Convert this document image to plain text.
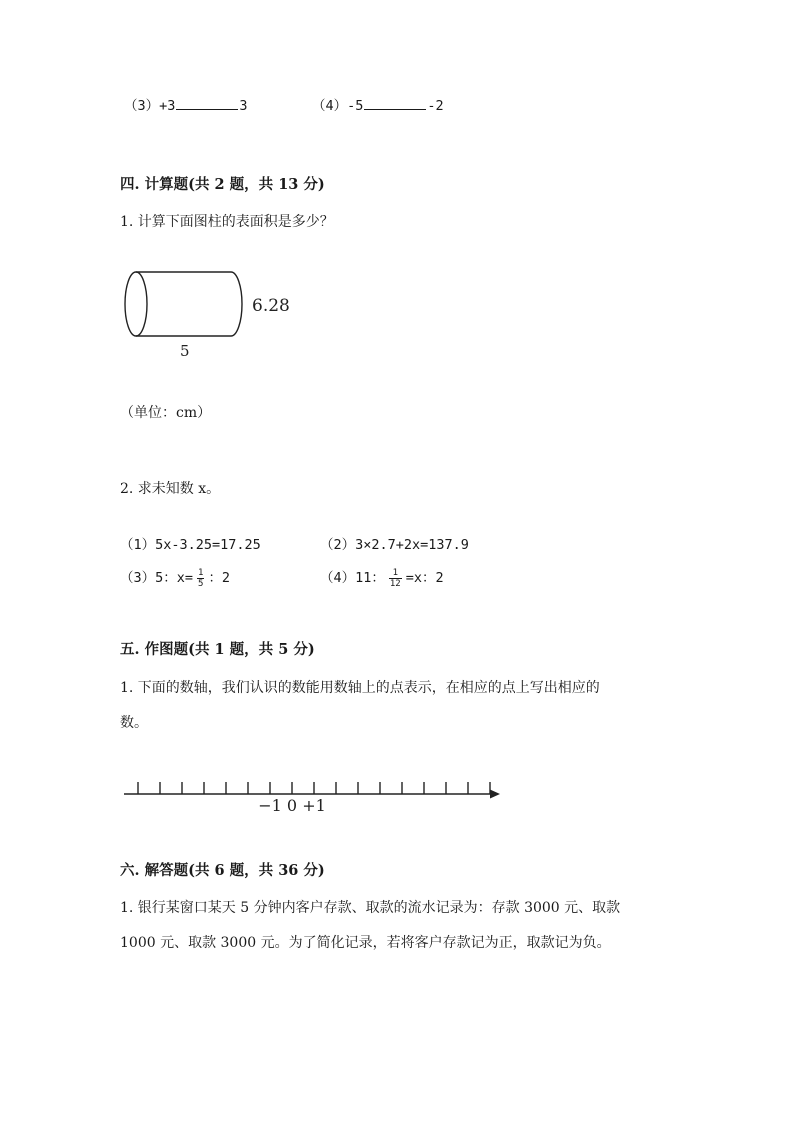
（3）+3	3	（4）-5	-2
四. 计算题(共 2 题，共 13 分)
1. 计算下面图柱的表面积是多少？
6.28
5
（单位：cm）
2. 求未知数 x。
（1）5x-3.25=17.25	（2）3×2.7+2x=137.9
（3）5：$x= \frac{1}{5}$ ：2	（4）11： $\frac{1}{12} =x$：2
五. 作图题(共 1 题，共 5 分)
1. 下面的数轴，我们认识的数能用数轴上的点表示，在相应的点上写出相应的
数。
−1 0 +1
六. 解答题(共 6 题，共 36 分)
1. 银行某窗口某天 5 分钟内客户存款、取款的流水记录为：存款 3000 元、取款
1000 元、取款 3000 元。为了简化记录，若将客户存款记为正，取款记为负。
